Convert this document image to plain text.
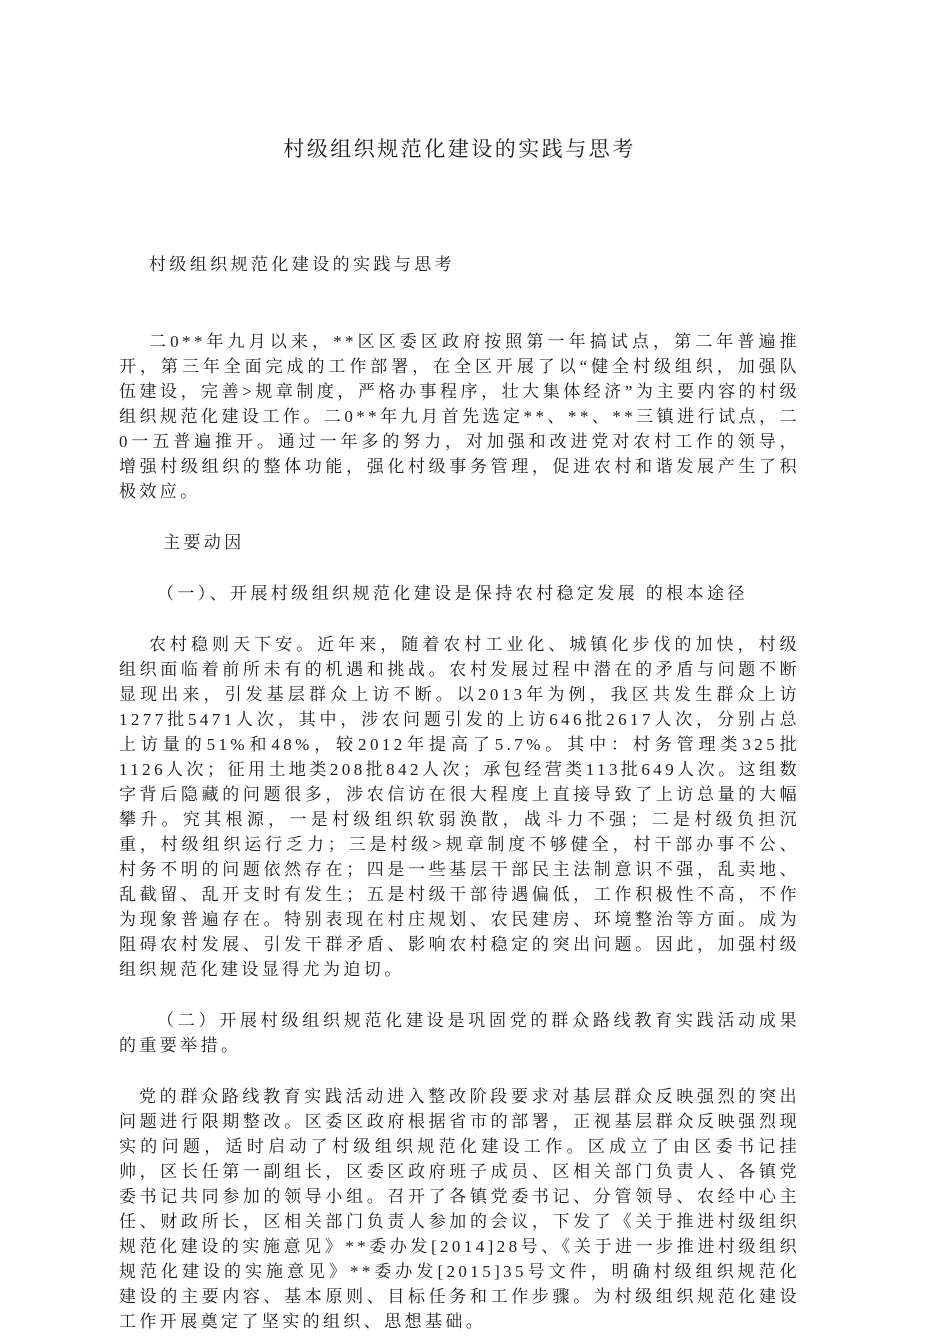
村级组织规范化建设的实践与思考

村级组织规范化建设的实践与思考

二0**年九月以来，**区区委区政府按照第一年搞试点，第二年普遍推开，第三年全面完成的工作部署，在全区开展了以“健全村级组织，加强队伍建设，完善>规章制度，严格办事程序，壮大集体经济”为主要内容的村级组织规范化建设工作。二0**年九月首先选定**、**、**三镇进行试点，二0一五普遍推开。通过一年多的努力，对加强和改进党对农村工作的领导，增强村级组织的整体功能，强化村级事务管理，促进农村和谐发展产生了积极效应。

主要动因

（一）、开展村级组织规范化建设是保持农村稳定发展 的根本途径

农村稳则天下安。近年来，随着农村工业化、城镇化步伐的加快，村级组织面临着前所未有的机遇和挑战。农村发展过程中潜在的矛盾与问题不断显现出来，引发基层群众上访不断。以2013年为例，我区共发生群众上访1277批5471人次，其中，涉农问题引发的上访646批2617人次，分别占总上访量的51%和48%，较2012年提高了5.7%。其中：村务管理类325批1126人次；征用土地类208批842人次；承包经营类113批649人次。这组数字背后隐藏的问题很多，涉农信访在很大程度上直接导致了上访总量的大幅攀升。究其根源，一是村级组织软弱涣散，战斗力不强；二是村级负担沉重，村级组织运行乏力；三是村级>规章制度不够健全，村干部办事不公、村务不明的问题依然存在；四是一些基层干部民主法制意识不强，乱卖地、乱截留、乱开支时有发生；五是村级干部待遇偏低，工作积极性不高，不作为现象普遍存在。特别表现在村庄规划、农民建房、环境整治等方面。成为阻碍农村发展、引发干群矛盾、影响农村稳定的突出问题。因此，加强村级组织规范化建设显得尤为迫切。

（二）开展村级组织规范化建设是巩固党的群众路线教育实践活动成果的重要举措。

党的群众路线教育实践活动进入整改阶段要求对基层群众反映强烈的突出问题进行限期整改。区委区政府根据省市的部署，正视基层群众反映强烈现实的问题，适时启动了村级组织规范化建设工作。区成立了由区委书记挂帅，区长任第一副组长，区委区政府班子成员、区相关部门负责人、各镇党委书记共同参加的领导小组。召开了各镇党委书记、分管领导、农经中心主任、财政所长，区相关部门负责人参加的会议，下发了《关于推进村级组织规范化建设的实施意见》**委办发[2014]28号、《关于进一步推进村级组织规范化建设的实施意见》**委办发[2015]35号文件，明确村级组织规范化建设的主要内容、基本原则、目标任务和工作步骤。为村级组织规范化建设工作开展奠定了坚实的组织、思想基础。
